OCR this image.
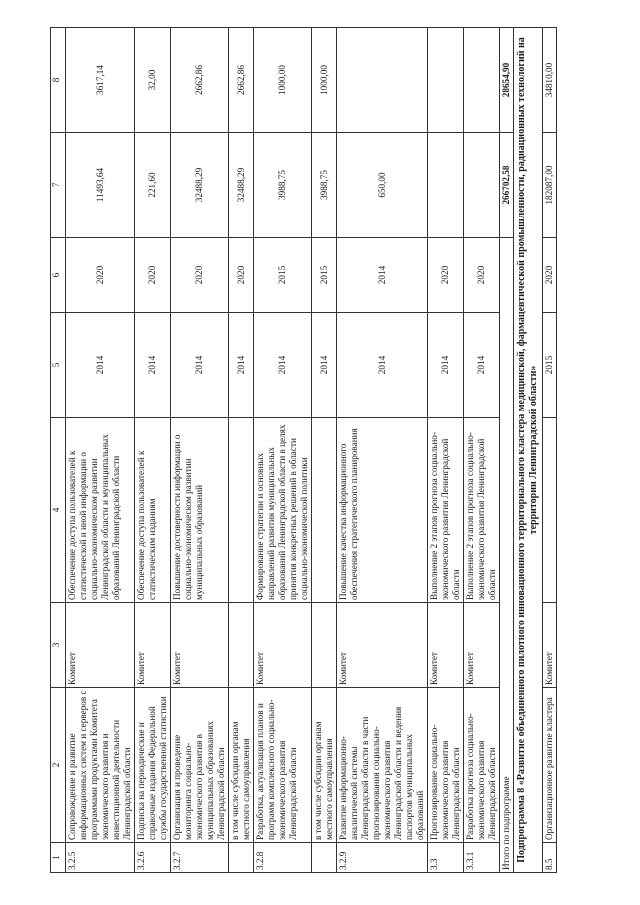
1	2	3	4	5	6	7	8
3.2.5	Сопровождение и развитие информационных систем и серверов с программами продуктами Комитета экономического развития и инвестиционной деятельности Ленинградской области	Комитет	Обеспечение доступа пользователей к статистической и иной информации о социально-экономическом развитии Ленинградской области и муниципальных образований Ленинградской области	2014	2020	11493,64	3617,14
3.2.6	Подписка на периодические и справочные издания Федеральной службы государственной статистики	Комитет	Обеспечение доступа пользователей к статистическим изданиям	2014	2020	221,60	32,00
3.2.7	Организация и проведение мониторинга социально-экономического развития в муниципальных образованиях Ленинградской области	Комитет	Повышение достоверности информации о социально-экономическом развитии муниципальных образований	2014	2020	32488,29	2662,86
	в том числе субсидии органам местного самоуправления			2014	2020	32488,29	2662,86
3.2.8	Разработка, актуализация планов и программ комплексного социально-экономического развития Ленинградской области	Комитет	Формирование стратегии и основных направлений развития муниципальных образований Ленинградской области в целях принятия конкретных решений в области социально-экономической политики	2014	2015	3988,75	1000,00
	в том числе субсидии органам местного самоуправления			2014	2015	3988,75	1000,00
3.2.9	Развитие информационно-аналитической системы Ленинградской области в части прогнозирования социально-экономического развития Ленинградской области и ведения паспортов муниципальных образований	Комитет	Повышение качества информационного обеспечения стратегического планирования	2014	2014	650,00	
3.3	Прогнозирование социально-экономического развития Ленинградской области	Комитет	Выполнение 2 этапов прогноза социально-экономического развития Ленинградской области	2014	2020		
3.3.1	Разработка прогноза социально-экономического развития Ленинградской области	Комитет	Выполнение 2 этапов прогноза социально-экономического развития Ленинградской области	2014	2020		
Итого по подпрограмме						266702,58	28654,90
Подпрограмма 8 «Развитие объединенного пилотного инновационного территориального кластера медицинской, фармацевтической промышленности, радиационных технологий на территории Ленинградской области»							
8.5	Организационное развитие кластера	Комитет		2015	2020	182087,00	34810,00
